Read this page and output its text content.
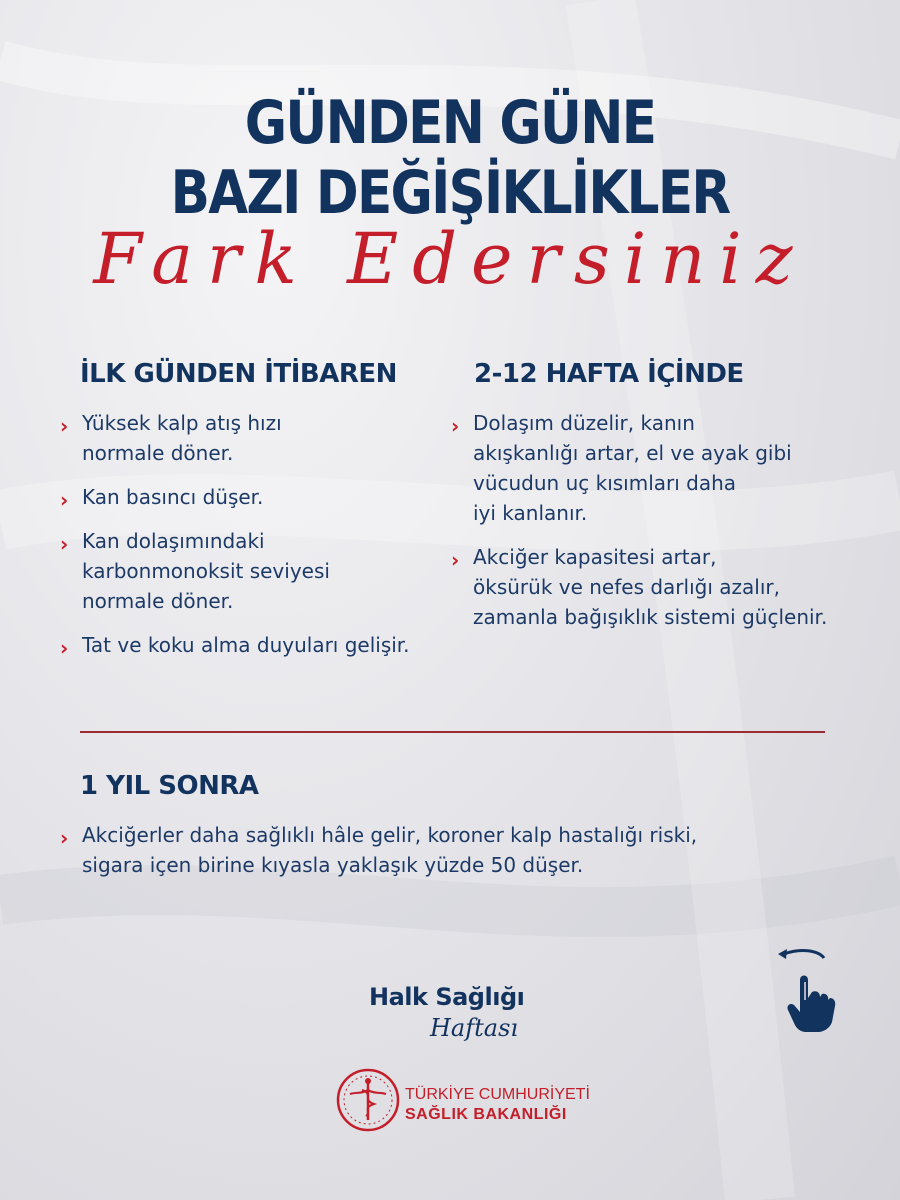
GÜNDEN GÜNE
BAZI DEĞİŞİKLİKLER
Fark Edersiniz
İLK GÜNDEN İTİBAREN
› Yüksek kalp atış hızı
normale döner.
› Kan basıncı düşer.
› Kan dolaşımındaki
karbonmonoksit seviyesi
normale döner.
› Tat ve koku alma duyuları gelişir.
2-12 HAFTA İÇİNDE
› Dolaşım düzelir, kanın
akışkanlığı artar, el ve ayak gibi
vücudun uç kısımları daha
iyi kanlanır.
› Akciğer kapasitesi artar,
öksürük ve nefes darlığı azalır,
zamanla bağışıklık sistemi güçlenir.
1 YIL SONRA
› Akciğerler daha sağlıklı hâle gelir, koroner kalp hastalığı riski,
sigara içen birine kıyasla yaklaşık yüzde 50 düşer.
Halk Sağlığı
Haftası
TÜRKİYE CUMHURİYETİ
SAĞLIK BAKANLIĞI
